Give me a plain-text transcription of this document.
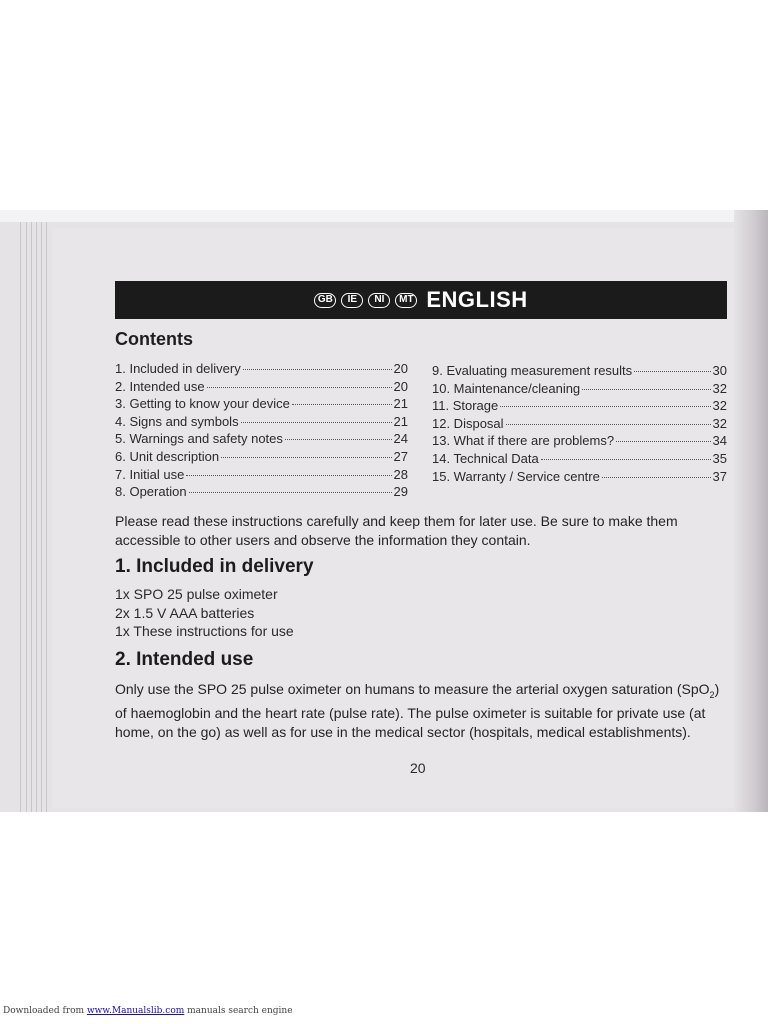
GB	IE	NI	MT ENGLISH
Contents
1. Included in delivery	20
2. Intended use	20
3. Getting to know your device	21
4. Signs and symbols	21
5. Warnings and safety notes	24
6. Unit description	27
7. Initial use	28
8. Operation	29
9. Evaluating measurement results	30
10. Maintenance/cleaning	32
11. Storage	32
12. Disposal	32
13. What if there are problems?	34
14. Technical Data	35
15. Warranty / Service centre	37

Please read these instructions carefully and keep them for later use. Be sure to make them accessible to other users and observe the information they contain.

1. Included in delivery
1x SPO 25 pulse oximeter
2x 1.5 V AAA batteries
1x These instructions for use
2. Intended use

Only use the SPO 25 pulse oximeter on humans to measure the arterial oxygen saturation (SpO$_2$) of haemoglobin and the heart rate (pulse rate). The pulse oximeter is suitable for private use (at home, on the go) as well as for use in the medical sector (hospitals, medical establishments).

20
Downloaded from www.Manualslib.com manuals search engine
